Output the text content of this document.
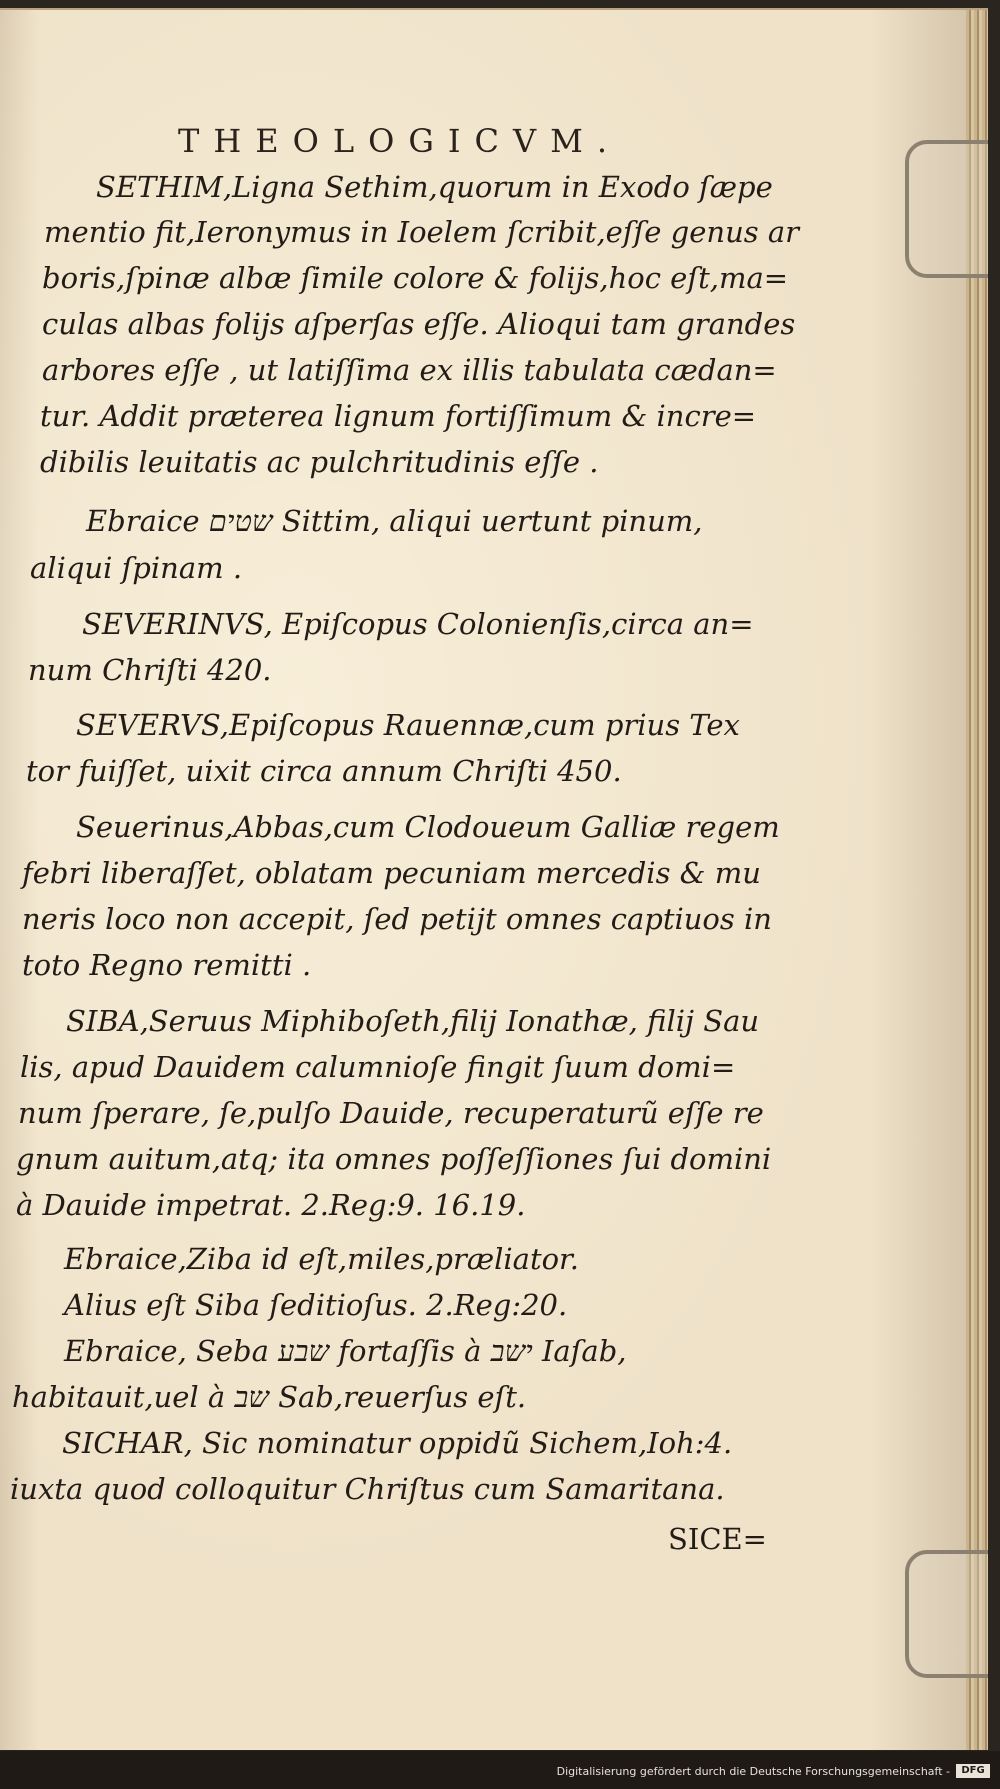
THEOLOGICVM.
SETHIM,Ligna Sethim,quorum in Exodo ſæpe
mentio fit,Ieronymus in Ioelem ſcribit,eſſe genus ar
boris,ſpinæ albæ ſimile colore & folijs,hoc eſt,ma=
culas albas folijs aſperſas eſſe. Alioqui tam grandes
arbores eſſe , ut latiſſima ex illis tabulata cædan=
tur. Addit præterea lignum fortiſſimum & incre=
dibilis leuitatis ac pulchritudinis eſſe .
Ebraice שטים Sittim, aliqui uertunt pinum,
aliqui ſpinam .
SEVERINVS, Epiſcopus Colonienſis,circa an=
num Chriſti 420.
SEVERVS,Epiſcopus Rauennæ,cum prius Tex
tor fuiſſet, uixit circa annum Chriſti 450.
Seuerinus,Abbas,cum Clodoueum Galliæ regem
febri liberaſſet, oblatam pecuniam mercedis & mu
neris loco non accepit, ſed petijt omnes captiuos in
toto Regno remitti .
SIBA,Seruus Miphiboſeth,filij Ionathæ, filij Sau
lis, apud Dauidem calumnioſe fingit ſuum domi=
num ſperare, ſe,pulſo Dauide, recuperaturũ eſſe re
gnum auitum,atq; ita omnes poſſeſſiones ſui domini
à Dauide impetrat. 2.Reg:9. 16.19.
Ebraice,Ziba id eſt,miles,prӕliator.
Alius eſt Siba ſeditioſus. 2.Reg:20.
Ebraice, Seba שבע fortaſſis à ישב Iaſab,
habitauit,uel à שב Sab,reuerſus eſt.
SICHAR, Sic nominatur oppidũ Sichem,Ioh:4.
iuxta quod colloquitur Chriſtus cum Samaritana.
SICE=
Digitalisierung gefördert durch die Deutsche Forschungsgemeinschaft -	DFG
